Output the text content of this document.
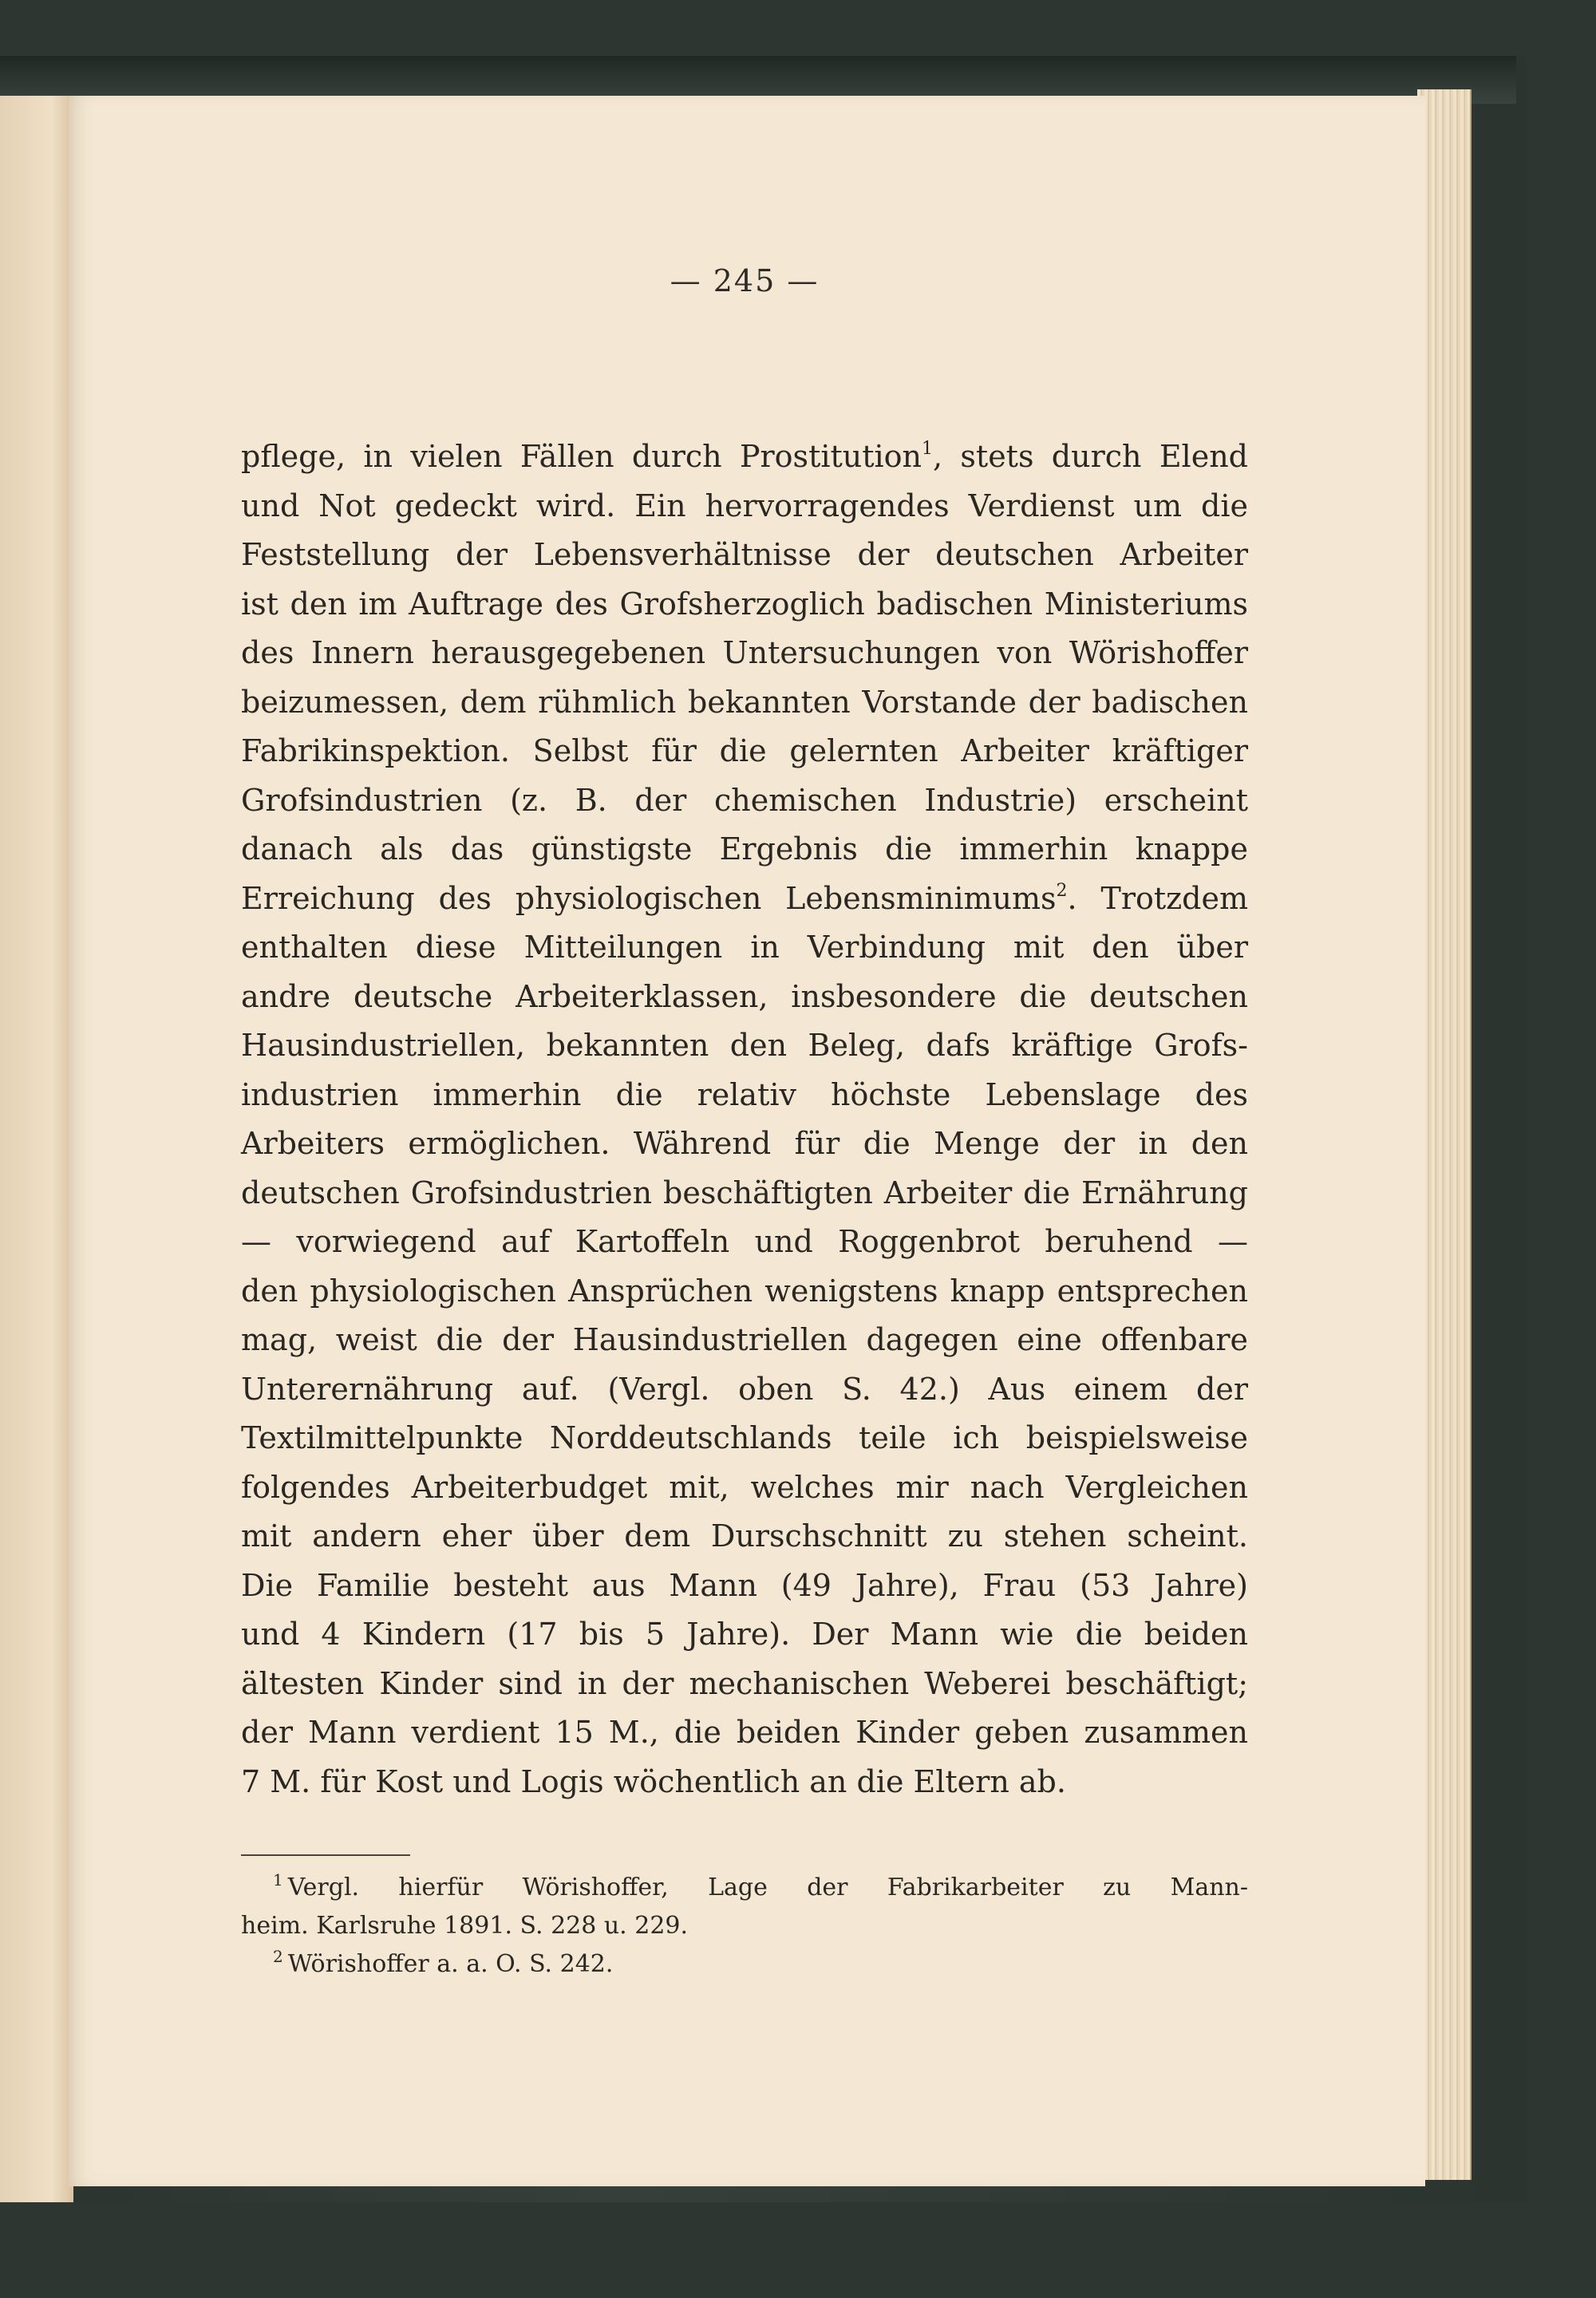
— 245 —
pflege, in vielen Fällen durch Prostitution$^1$, stets durch Elend
und Not gedeckt wird. Ein hervorragendes Verdienst um die
Feststellung der Lebensverhältnisse der deutschen Arbeiter
ist den im Auftrage des Grofsherzoglich badischen Ministeriums
des Innern herausgegebenen Untersuchungen von Wörishoffer
beizumessen, dem rühmlich bekannten Vorstande der badischen
Fabrikinspektion. Selbst für die gelernten Arbeiter kräftiger
Grofsindustrien (z. B. der chemischen Industrie) erscheint
danach als das günstigste Ergebnis die immerhin knappe
Erreichung des physiologischen Lebensminimums$^2$. Trotzdem
enthalten diese Mitteilungen in Verbindung mit den über
andre deutsche Arbeiterklassen, insbesondere die deutschen
Hausindustriellen, bekannten den Beleg, dafs kräftige Grofs-
industrien immerhin die relativ höchste Lebenslage des
Arbeiters ermöglichen. Während für die Menge der in den
deutschen Grofsindustrien beschäftigten Arbeiter die Ernährung
— vorwiegend auf Kartoffeln und Roggenbrot beruhend —
den physiologischen Ansprüchen wenigstens knapp entsprechen
mag, weist die der Hausindustriellen dagegen eine offenbare
Unterernährung auf. (Vergl. oben S. 42.) Aus einem der
Textilmittelpunkte Norddeutschlands teile ich beispielsweise
folgendes Arbeiterbudget mit, welches mir nach Vergleichen
mit andern eher über dem Durschschnitt zu stehen scheint.
Die Familie besteht aus Mann (49 Jahre), Frau (53 Jahre)
und 4 Kindern (17 bis 5 Jahre). Der Mann wie die beiden
ältesten Kinder sind in der mechanischen Weberei beschäftigt;
der Mann verdient 15 M., die beiden Kinder geben zusammen
7 M. für Kost und Logis wöchentlich an die Eltern ab.
$^1$ Vergl. hierfür Wörishoffer, Lage der Fabrikarbeiter zu Mann-
heim. Karlsruhe 1891. S. 228 u. 229.
$^2$ Wörishoffer a. a. O. S. 242.
